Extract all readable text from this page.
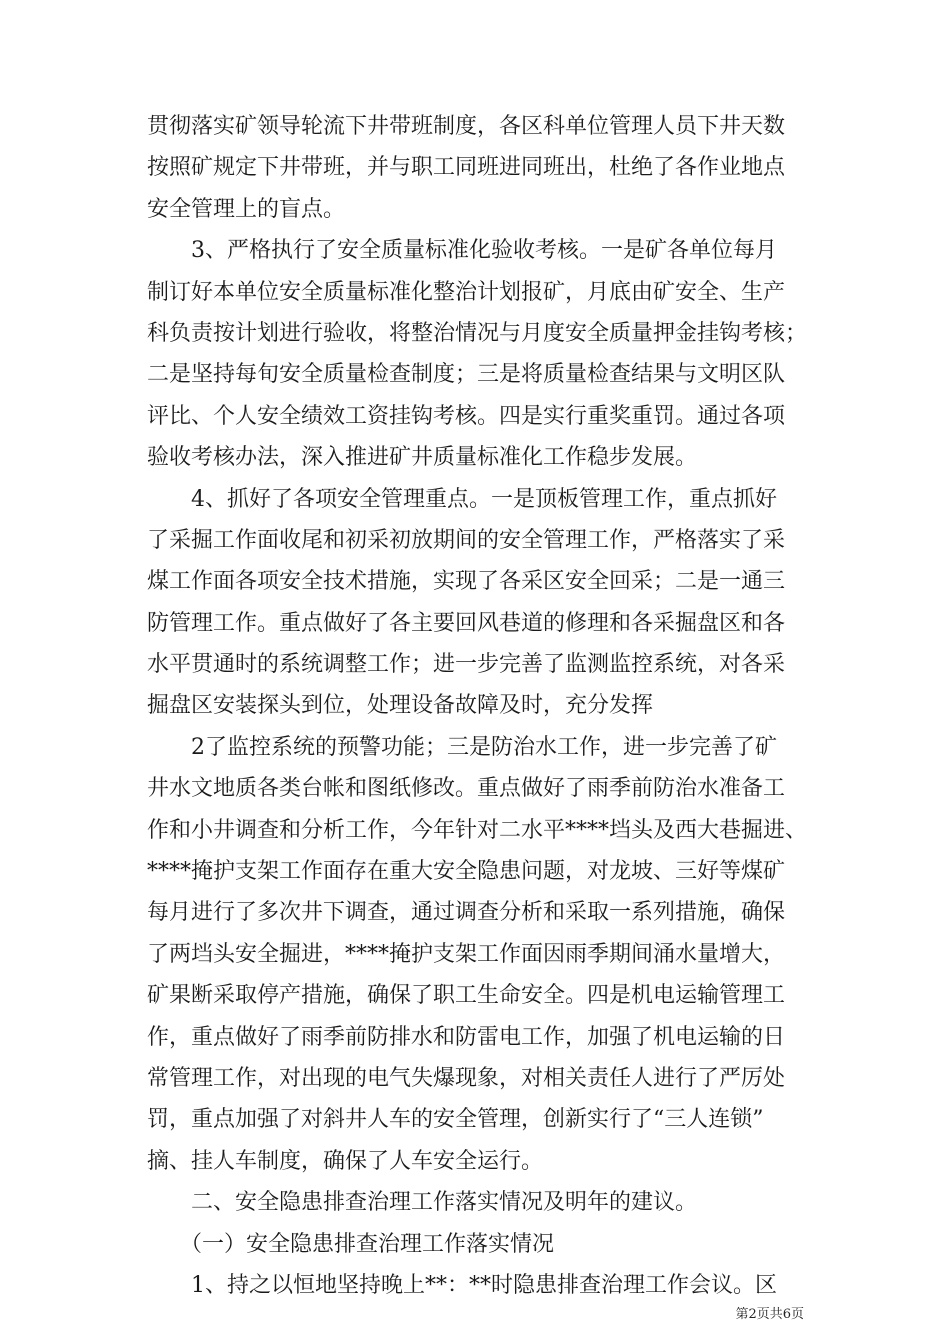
贯彻落实矿领导轮流下井带班制度，各区科单位管理人员下井天数
按照矿规定下井带班，并与职工同班进同班出，杜绝了各作业地点
安全管理上的盲点。
　　3、严格执行了安全质量标准化验收考核。一是矿各单位每月
制订好本单位安全质量标准化整治计划报矿，月底由矿安全、生产
科负责按计划进行验收，将整治情况与月度安全质量押金挂钩考核；
二是坚持每旬安全质量检查制度；三是将质量检查结果与文明区队
评比、个人安全绩效工资挂钩考核。四是实行重奖重罚。通过各项
验收考核办法，深入推进矿井质量标准化工作稳步发展。
　　4、抓好了各项安全管理重点。一是顶板管理工作，重点抓好
了采掘工作面收尾和初采初放期间的安全管理工作，严格落实了采
煤工作面各项安全技术措施，实现了各采区安全回采；二是一通三
防管理工作。重点做好了各主要回风巷道的修理和各采掘盘区和各
水平贯通时的系统调整工作；进一步完善了监测监控系统，对各采
掘盘区安装探头到位，处理设备故障及时，充分发挥
　　2了监控系统的预警功能；三是防治水工作，进一步完善了矿
井水文地质各类台帐和图纸修改。重点做好了雨季前防治水准备工
作和小井调查和分析工作，今年针对二水平****垱头及西大巷掘进、
****掩护支架工作面存在重大安全隐患问题，对龙坡、三好等煤矿
每月进行了多次井下调查，通过调查分析和采取一系列措施，确保
了两垱头安全掘进，****掩护支架工作面因雨季期间涌水量增大，
矿果断采取停产措施，确保了职工生命安全。四是机电运输管理工
作，重点做好了雨季前防排水和防雷电工作，加强了机电运输的日
常管理工作，对出现的电气失爆现象，对相关责任人进行了严厉处
罚，重点加强了对斜井人车的安全管理，创新实行了“三人连锁”
摘、挂人车制度，确保了人车安全运行。
　　二、安全隐患排查治理工作落实情况及明年的建议。
　　（一）安全隐患排查治理工作落实情况
　　1、持之以恒地坚持晚上**：**时隐患排查治理工作会议。区
第2页共6页
